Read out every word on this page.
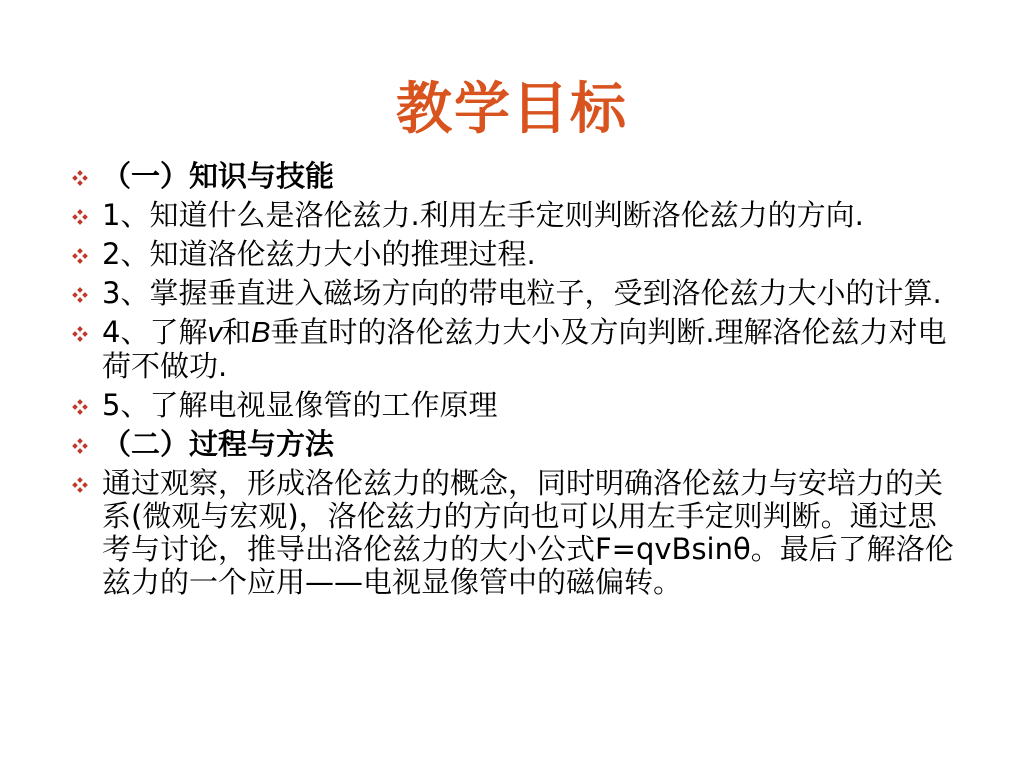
教学目标
（一）知识与技能
1、知道什么是洛伦兹力.利用左手定则判断洛伦兹力的方向.
2、知道洛伦兹力大小的推理过程.
3、掌握垂直进入磁场方向的带电粒子，受到洛伦兹力大小的计算.
4、了解v和B垂直时的洛伦兹力大小及方向判断.理解洛伦兹力对电荷不做功.
5、了解电视显像管的工作原理
（二）过程与方法
通过观察，形成洛伦兹力的概念，同时明确洛伦兹力与安培力的关系(微观与宏观)，洛伦兹力的方向也可以用左手定则判断。通过思考与讨论，推导出洛伦兹力的大小公式F=qvBsinθ。最后了解洛伦兹力的一个应用——电视显像管中的磁偏转。
